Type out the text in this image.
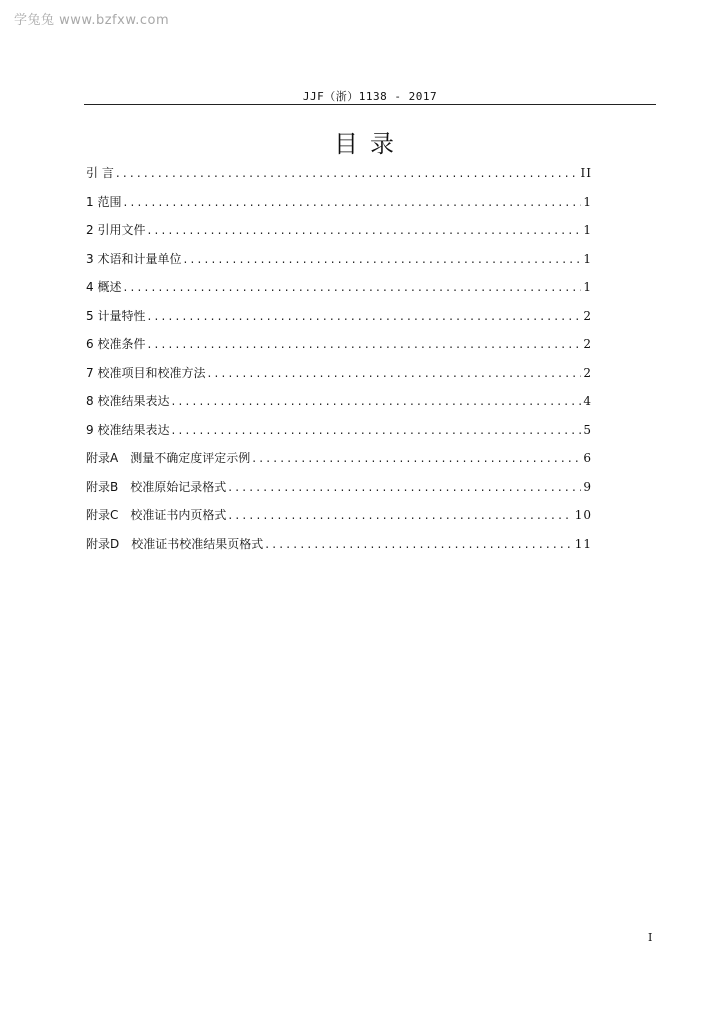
学兔兔 www.bzfxw.com
JJF（浙）1138 - 2017
目录
引 言 .....	II
1 范围 .....	1
2 引用文件 .....	1
3 术语和计量单位 .....	1
4 概述 .....	1
5 计量特性 .....	2
6 校准条件 .....	2
7 校准项目和校准方法 .....	2
8 校准结果表达 .....	4
9 校准结果表达 .....	5
附录A　测量不确定度评定示例 .....	6
附录B　校准原始记录格式 .....	9
附录C　校准证书内页格式 .....	10
附录D　校准证书校准结果页格式 .....	11
I
